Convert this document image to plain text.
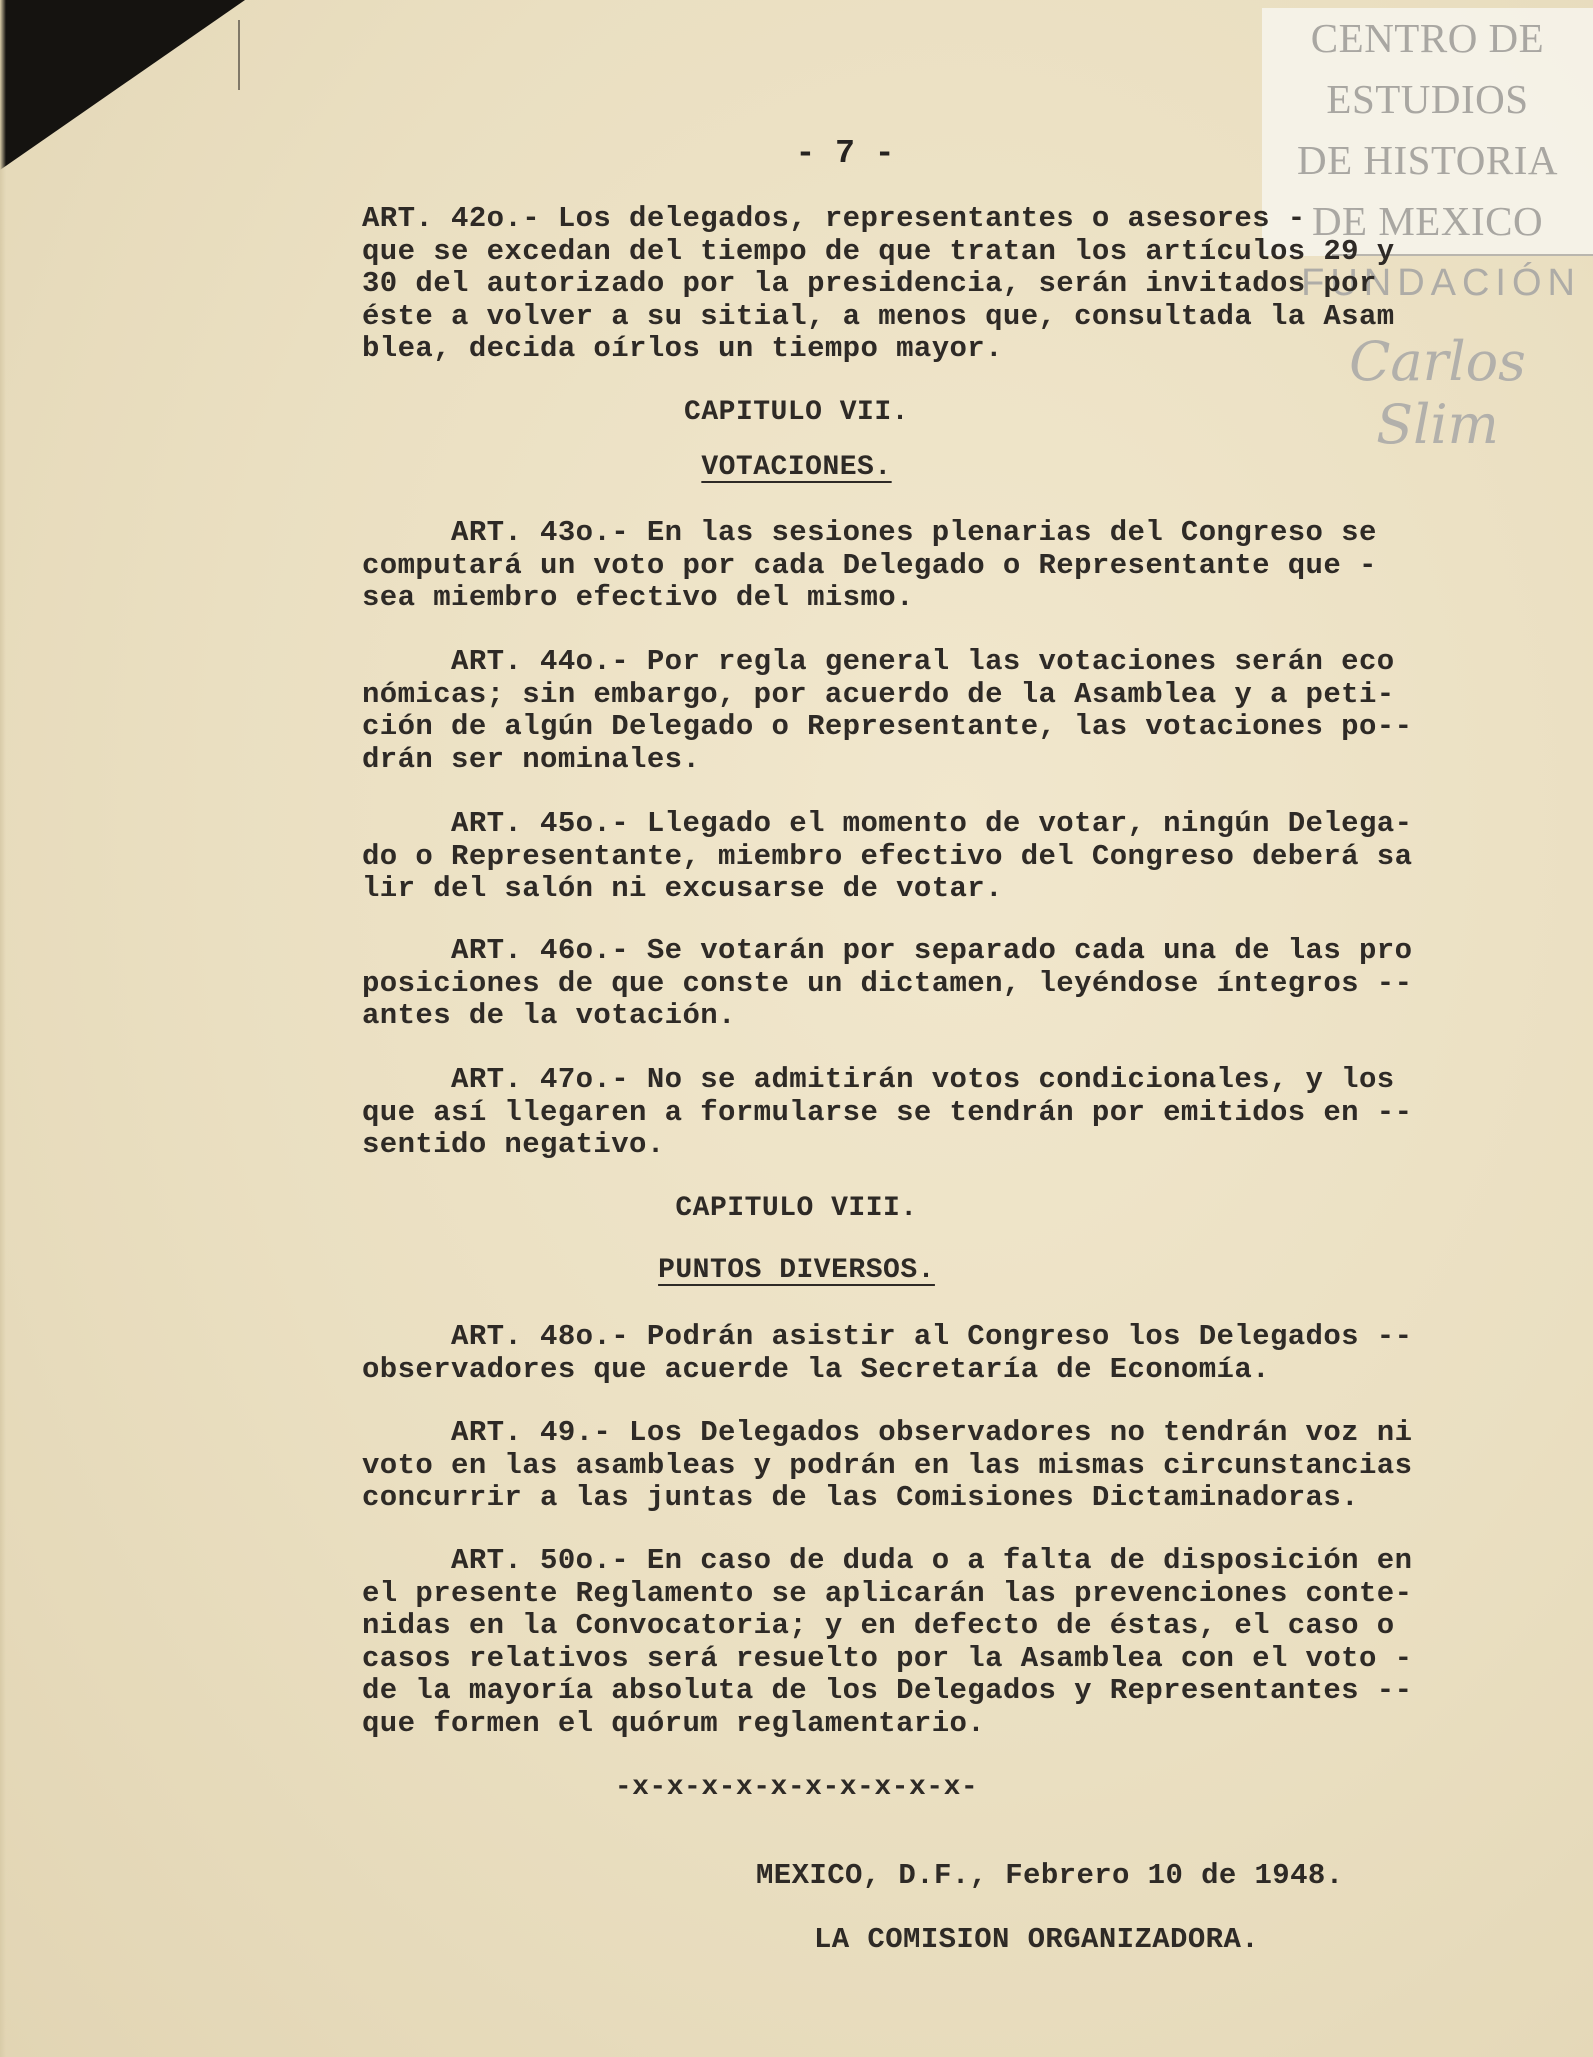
CENTRO DE
ESTUDIOS
DE HISTORIA
DE MEXICO
FUNDACIÓN
Carlos Slim
- 7 -
ART. 42o.- Los delegados, representantes o asesores -
que se excedan del tiempo de que tratan los artículos 29 y
30 del autorizado por la presidencia, serán invitados por
éste a volver a su sitial, a menos que, consultada la Asam
blea, decida oírlos un tiempo mayor.
CAPITULO VII.
VOTACIONES.
ART. 43o.- En las sesiones plenarias del Congreso se
computará un voto por cada Delegado o Representante que -
sea miembro efectivo del mismo.
ART. 44o.- Por regla general las votaciones serán eco
nómicas; sin embargo, por acuerdo de la Asamblea y a peti-
ción de algún Delegado o Representante, las votaciones po--
drán ser nominales.
ART. 45o.- Llegado el momento de votar, ningún Delega-
do o Representante, miembro efectivo del Congreso deberá sa
lir del salón ni excusarse de votar.
ART. 46o.- Se votarán por separado cada una de las pro
posiciones de que conste un dictamen, leyéndose íntegros --
antes de la votación.
ART. 47o.- No se admitirán votos condicionales, y los
que así llegaren a formularse se tendrán por emitidos en --
sentido negativo.
CAPITULO VIII.
PUNTOS DIVERSOS.
ART. 48o.- Podrán asistir al Congreso los Delegados --
observadores que acuerde la Secretaría de Economía.
ART. 49.- Los Delegados observadores no tendrán voz ni
voto en las asambleas y podrán en las mismas circunstancias
concurrir a las juntas de las Comisiones Dictaminadoras.
ART. 50o.- En caso de duda o a falta de disposición en
el presente Reglamento se aplicarán las prevenciones conte-
nidas en la Convocatoria; y en defecto de éstas, el caso o
casos relativos será resuelto por la Asamblea con el voto -
de la mayoría absoluta de los Delegados y Representantes --
que formen el quórum reglamentario.
-x-x-x-x-x-x-x-x-x-x-
MEXICO, D.F., Febrero 10 de 1948.
LA COMISION ORGANIZADORA.
